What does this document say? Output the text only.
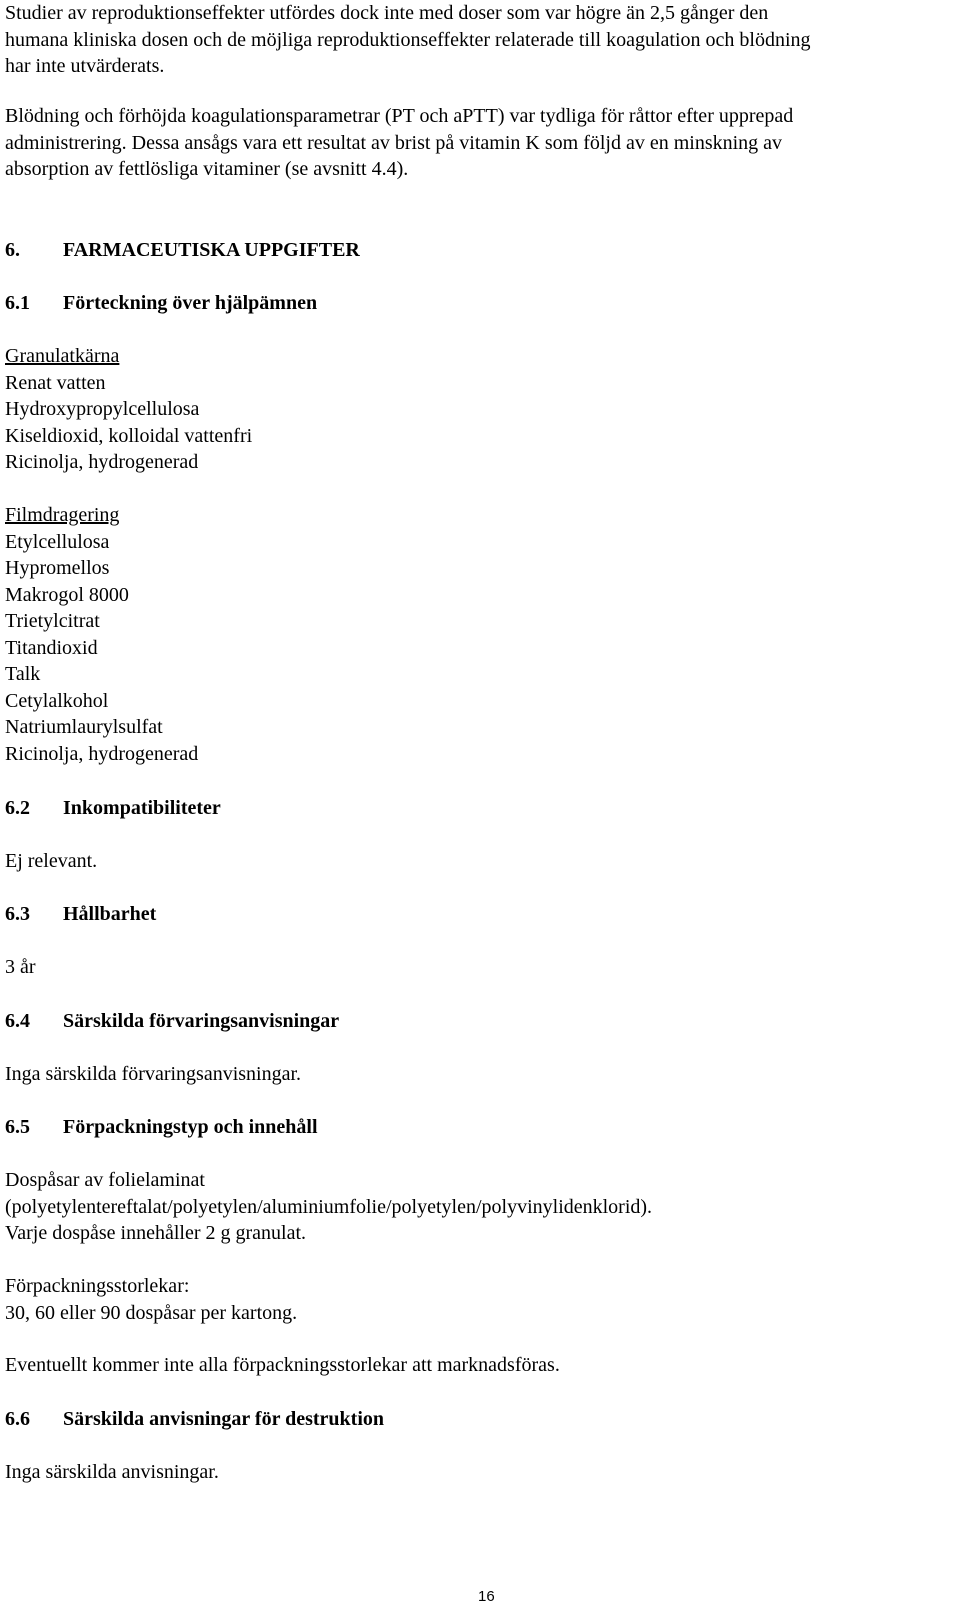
Studier av reproduktionseffekter utfördes dock inte med doser som var högre än 2,5 gånger den
humana kliniska dosen och de möjliga reproduktionseffekter relaterade till koagulation och blödning
har inte utvärderats.
Blödning och förhöjda koagulationsparametrar (PT och aPTT) var tydliga för råttor efter upprepad
administrering. Dessa ansågs vara ett resultat av brist på vitamin K som följd av en minskning av
absorption av fettlösliga vitaminer (se avsnitt 4.4).
6. FARMACEUTISKA UPPGIFTER
6.1 Förteckning över hjälpämnen
Granulatkärna
Renat vatten
Hydroxypropylcellulosa
Kiseldioxid, kolloidal vattenfri
Ricinolja, hydrogenerad
Filmdragering
Etylcellulosa
Hypromellos
Makrogol 8000
Trietylcitrat
Titandioxid
Talk
Cetylalkohol
Natriumlaurylsulfat
Ricinolja, hydrogenerad
6.2 Inkompatibiliteter
Ej relevant.
6.3 Hållbarhet
3 år
6.4 Särskilda förvaringsanvisningar
Inga särskilda förvaringsanvisningar.
6.5 Förpackningstyp och innehåll
Dospåsar av folielaminat
(polyetylentereftalat/polyetylen/aluminiumfolie/polyetylen/polyvinylidenklorid).
Varje dospåse innehåller 2 g granulat.
Förpackningsstorlekar:
30, 60 eller 90 dospåsar per kartong.
Eventuellt kommer inte alla förpackningsstorlekar att marknadsföras.
6.6 Särskilda anvisningar för destruktion
Inga särskilda anvisningar.
16
